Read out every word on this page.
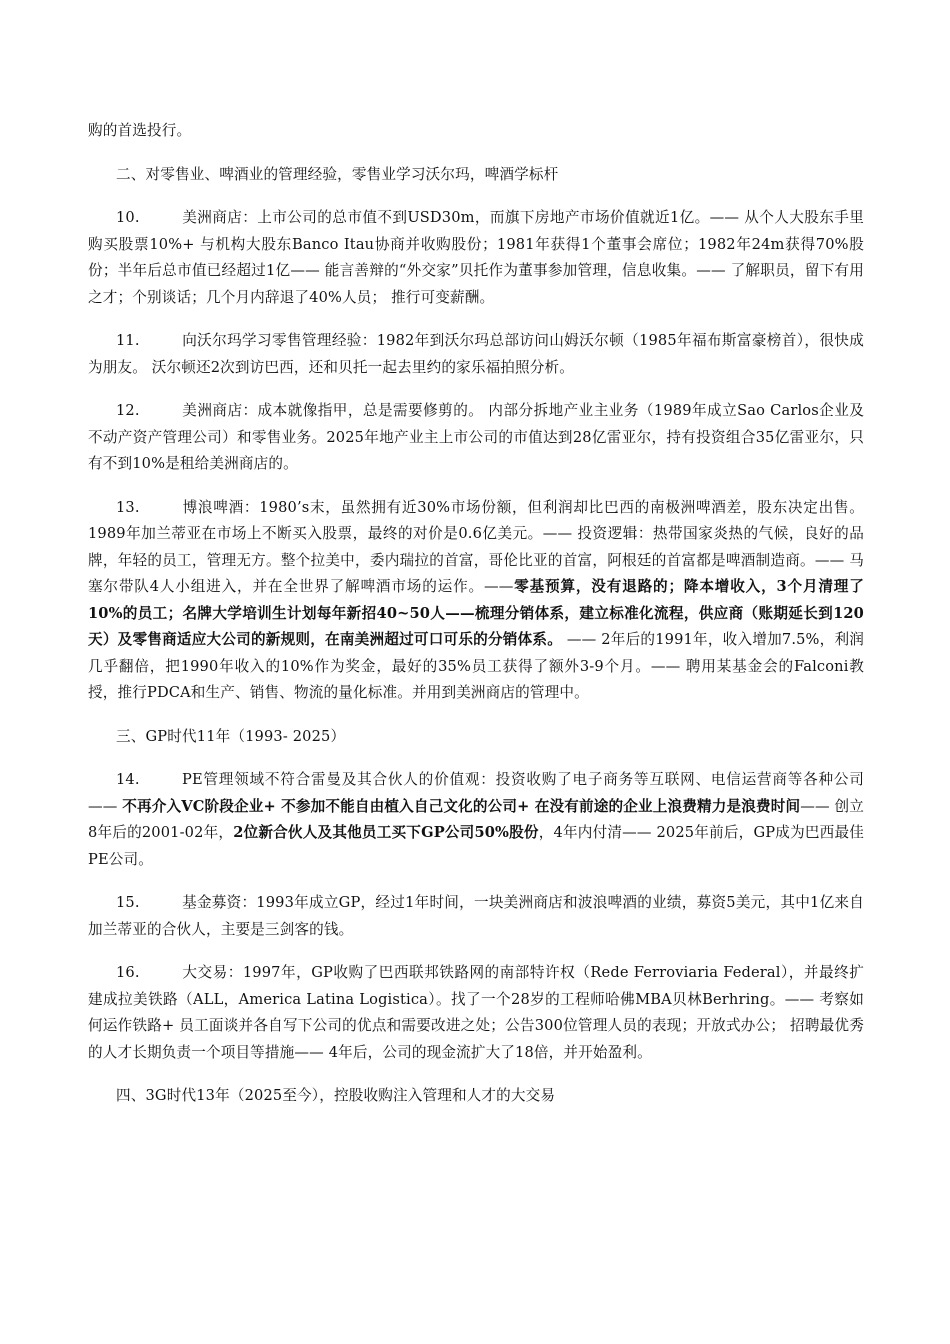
购的首选投行。

二、对零售业、啤酒业的管理经验，零售业学习沃尔玛，啤酒学标杆

10.	美洲商店：上市公司的总市值不到USD30m，而旗下房地产市场价值就近1亿。—— 从个人大股东手里购买股票10%+ 与机构大股东Banco Itau协商并收购股份；1981年获得1个董事会席位；1982年24m获得70%股份；半年后总市值已经超过1亿—— 能言善辩的“外交家”贝托作为董事参加管理，信息收集。—— 了解职员，留下有用之才；个别谈话；几个月内辞退了40%人员； 推行可变薪酬。

11.	向沃尔玛学习零售管理经验：1982年到沃尔玛总部访问山姆沃尔顿（1985年福布斯富豪榜首），很快成为朋友。 沃尔顿还2次到访巴西，还和贝托一起去里约的家乐福拍照分析。

12.	美洲商店：成本就像指甲，总是需要修剪的。 内部分拆地产业主业务（1989年成立Sao Carlos企业及不动产资产管理公司）和零售业务。2025年地产业主上市公司的市值达到28亿雷亚尔，持有投资组合35亿雷亚尔，只有不到10%是租给美洲商店的。

13.	博浪啤酒：1980’s末，虽然拥有近30%市场份额，但利润却比巴西的南极洲啤酒差，股东决定出售。1989年加兰蒂亚在市场上不断买入股票，最终的对价是0.6亿美元。—— 投资逻辑：热带国家炎热的气候，良好的品牌，年轻的员工，管理无方。整个拉美中，委内瑞拉的首富，哥伦比亚的首富，阿根廷的首富都是啤酒制造商。—— 马塞尔带队4人小组进入，并在全世界了解啤酒市场的运作。——零基预算，没有退路的；降本增收入，3个月清理了10%的员工；名牌大学培训生计划每年新招40~50人——梳理分销体系，建立标准化流程，供应商（账期延长到120天）及零售商适应大公司的新规则，在南美洲超过可口可乐的分销体系。 —— 2年后的1991年，收入增加7.5%，利润几乎翻倍，把1990年收入的10%作为奖金，最好的35%员工获得了额外3-9个月。—— 聘用某基金会的Falconi教授，推行PDCA和生产、销售、物流的量化标准。并用到美洲商店的管理中。

三、GP时代11年（1993- 2025）

14.	PE管理领域不符合雷曼及其合伙人的价值观：投资收购了电子商务等互联网、电信运营商等各种公司—— 不再介入VC阶段企业+ 不参加不能自由植入自己文化的公司+ 在没有前途的企业上浪费精力是浪费时间—— 创立8年后的2001-02年，2位新合伙人及其他员工买下GP公司50%股份，4年内付清—— 2025年前后，GP成为巴西最佳PE公司。

15.	基金募资：1993年成立GP，经过1年时间，一块美洲商店和波浪啤酒的业绩，募资5美元，其中1亿来自加兰蒂亚的合伙人，主要是三剑客的钱。

16.	大交易：1997年，GP收购了巴西联邦铁路网的南部特许权（Rede Ferroviaria Federal），并最终扩建成拉美铁路（ALL，America Latina Logistica）。找了一个28岁的工程师哈佛MBA贝林Berhring。—— 考察如何运作铁路+ 员工面谈并各自写下公司的优点和需要改进之处；公告300位管理人员的表现；开放式办公； 招聘最优秀的人才长期负责一个项目等措施—— 4年后，公司的现金流扩大了18倍，并开始盈利。

四、3G时代13年（2025至今），控股收购注入管理和人才的大交易
